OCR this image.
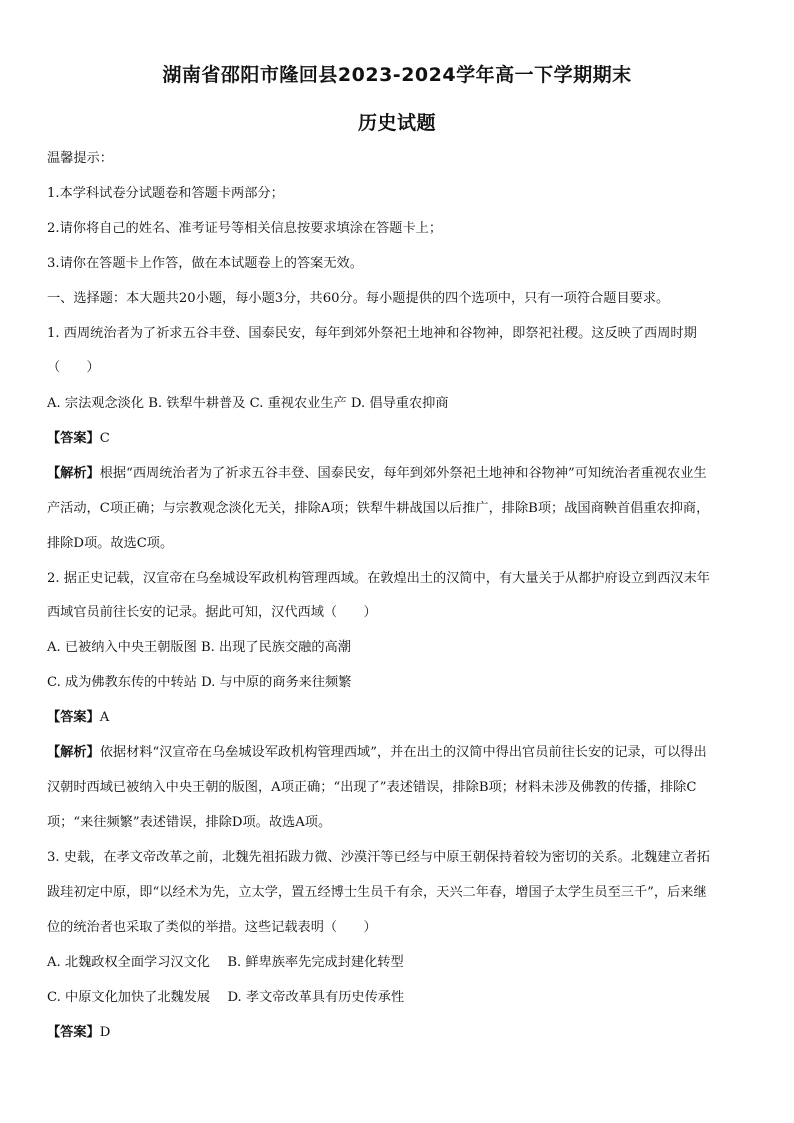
湖南省邵阳市隆回县2023-2024学年高一下学期期末
历史试题
温馨提示：
1.本学科试卷分试题卷和答题卡两部分；
2.请你将自己的姓名、准考证号等相关信息按要求填涂在答题卡上；
3.请你在答题卡上作答，做在本试题卷上的答案无效。
一、选择题：本大题共20小题，每小题3分，共60分。每小题提供的四个选项中，只有一项符合题目要求。
1. 西周统治者为了祈求五谷丰登、国泰民安，每年到郊外祭祀土地神和谷物神，即祭祀社稷。这反映了西周时期
（　　）
A. 宗法观念淡化 B. 铁犁牛耕普及 C. 重视农业生产 D. 倡导重农抑商
【答案】C
【解析】根据“西周统治者为了祈求五谷丰登、国泰民安，每年到郊外祭祀土地神和谷物神”可知统治者重视农业生
产活动，C项正确；与宗教观念淡化无关，排除A项；铁犁牛耕战国以后推广，排除B项；战国商鞅首倡重农抑商，
排除D项。故选C项。
2. 据正史记载，汉宣帝在乌垒城设军政机构管理西域。在敦煌出土的汉简中，有大量关于从都护府设立到西汉末年
西域官员前往长安的记录。据此可知，汉代西域（　　）
A. 已被纳入中央王朝版图 B. 出现了民族交融的高潮
C. 成为佛教东传的中转站 D. 与中原的商务来往频繁
【答案】A
【解析】依据材料“汉宣帝在乌垒城设军政机构管理西域”，并在出土的汉简中得出官员前往长安的记录，可以得出
汉朝时西域已被纳入中央王朝的版图，A项正确；“出现了”表述错误，排除B项；材料未涉及佛教的传播，排除C
项；“来往频繁”表述错误，排除D项。故选A项。
3. 史载，在孝文帝改革之前，北魏先祖拓跋力微、沙漠汗等已经与中原王朝保持着较为密切的关系。北魏建立者拓
跋珪初定中原，即“以经术为先，立太学，置五经博士生员千有余，天兴二年春，增国子太学生员至三千”，后来继
位的统治者也采取了类似的举措。这些记载表明（　　）
A. 北魏政权全面学习汉文化　 B. 鲜卑族率先完成封建化转型
C. 中原文化加快了北魏发展　 D. 孝文帝改革具有历史传承性
【答案】D
